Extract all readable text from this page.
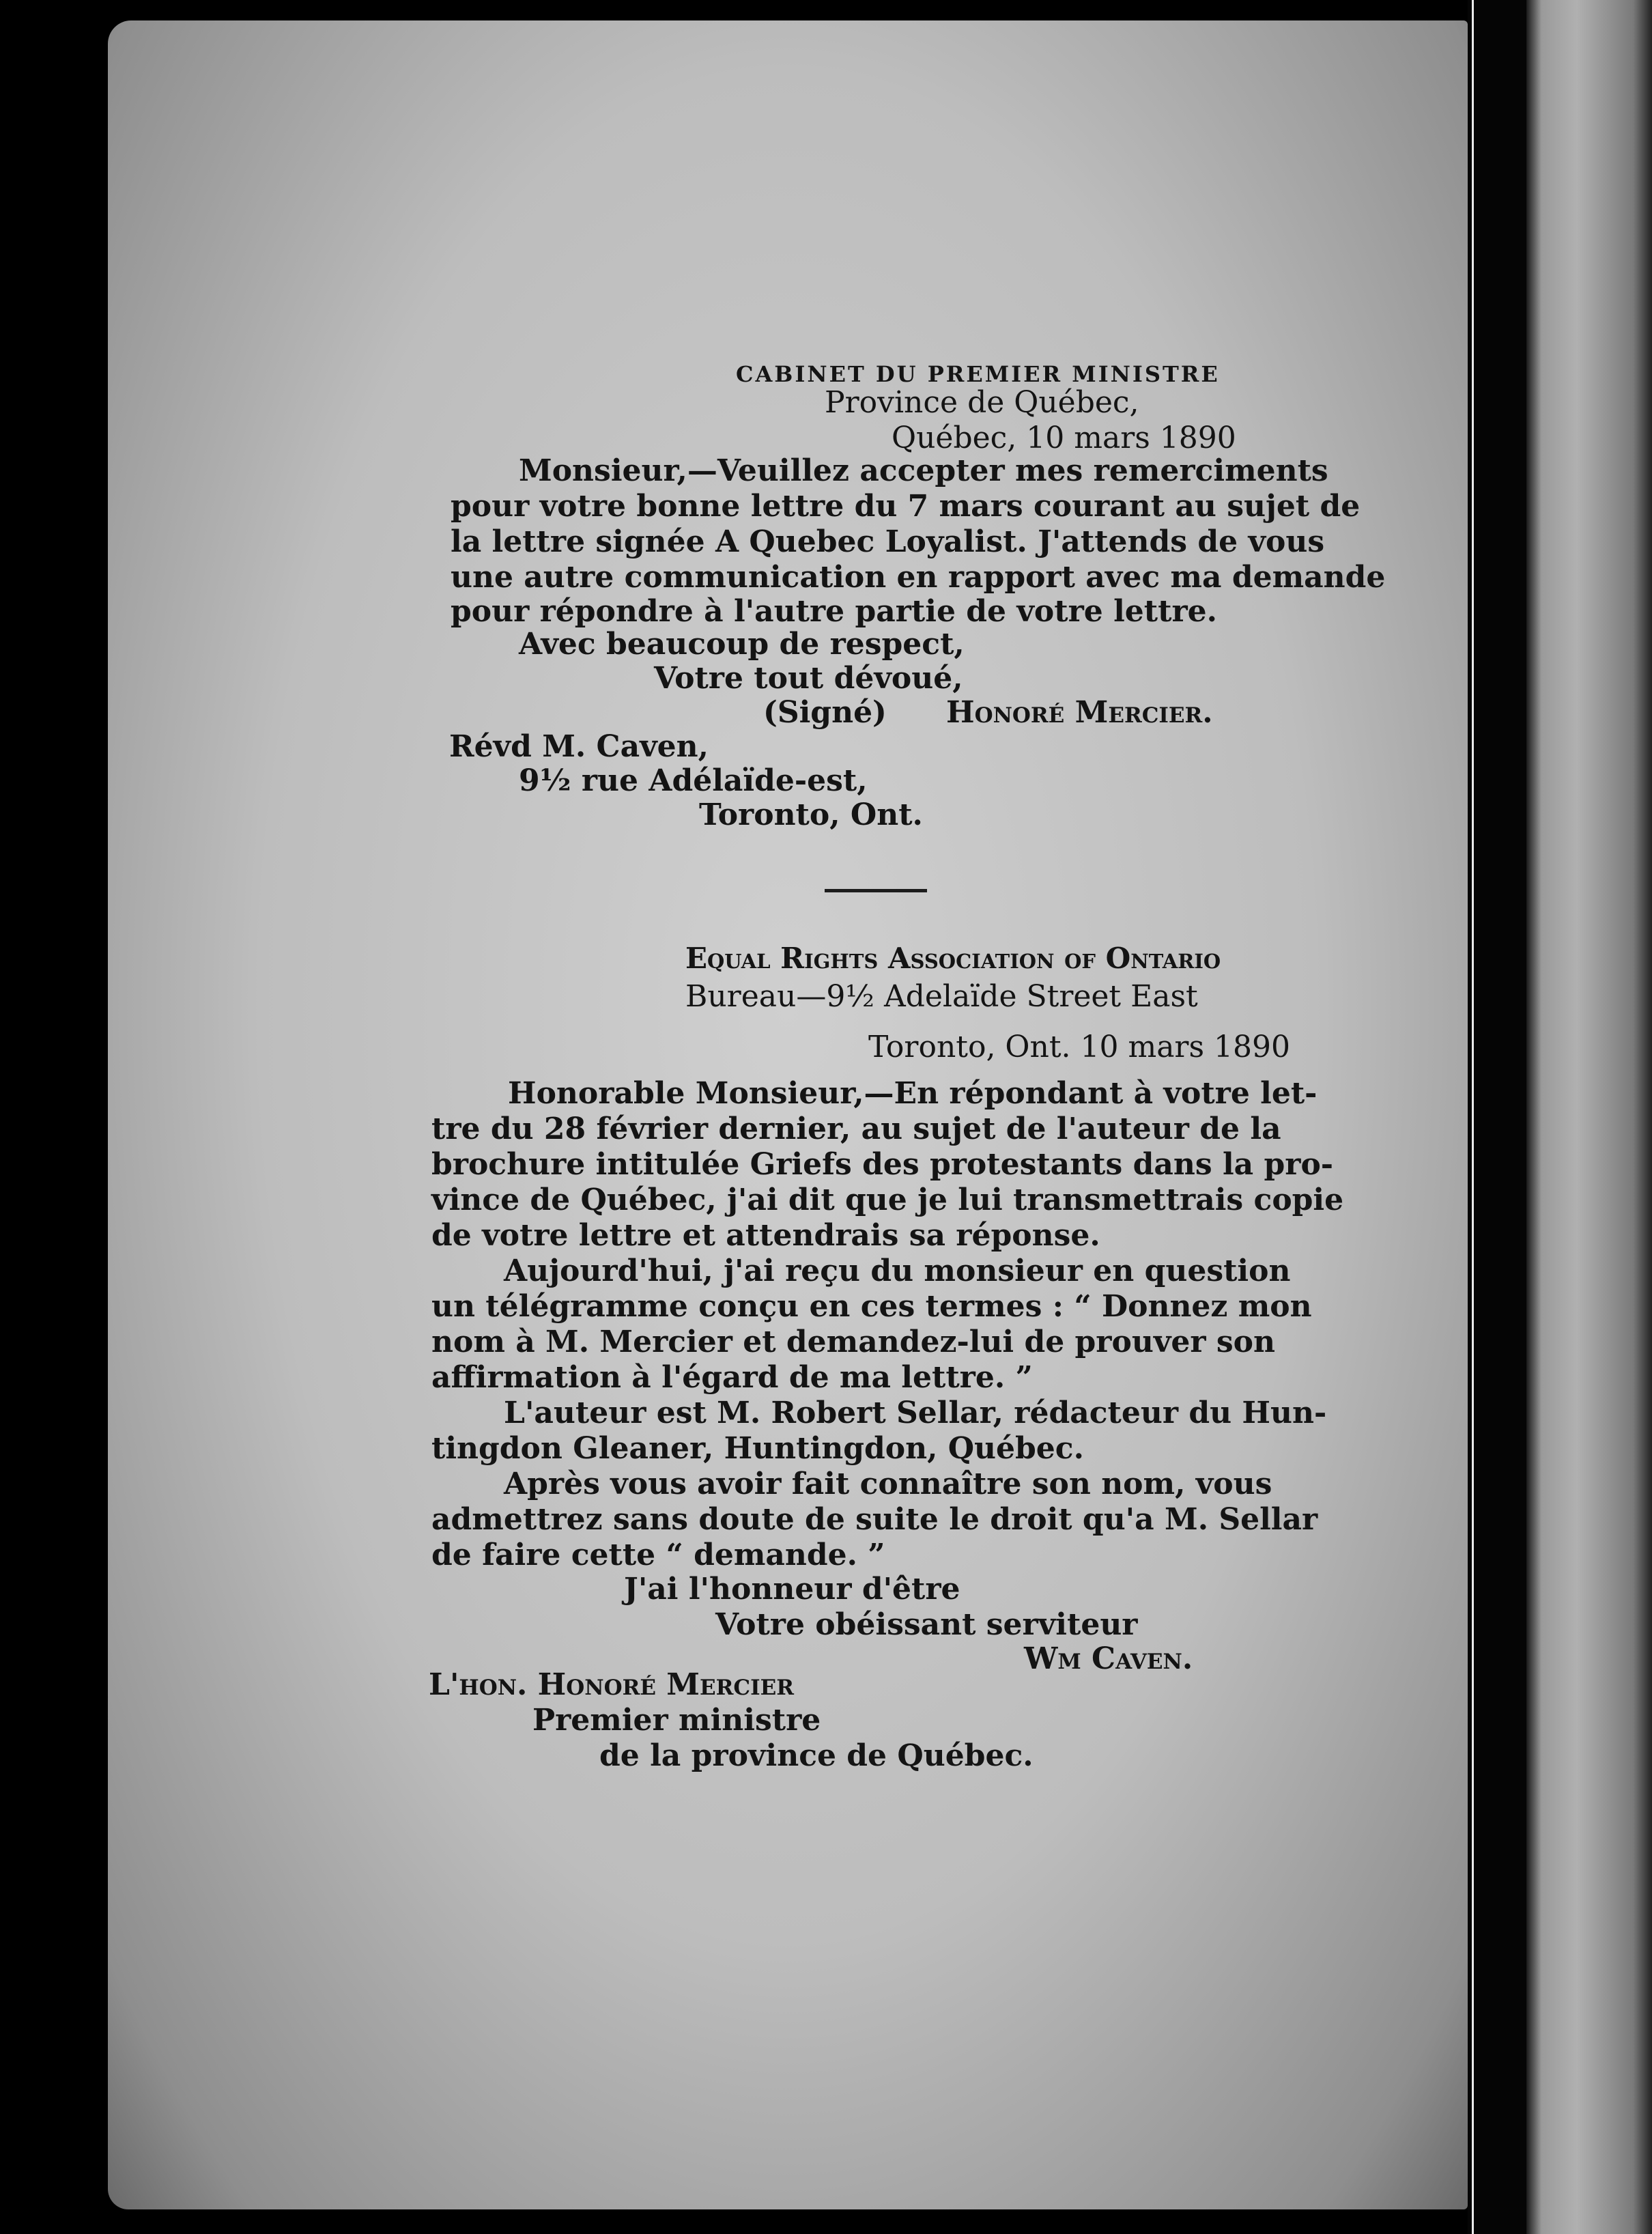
CABINET DU PREMIER MINISTRE
Province de Québec,
Québec, 10 mars 1890
Monsieur,—Veuillez accepter mes remerciments
pour votre bonne lettre du 7 mars courant au sujet de
la lettre signée A Quebec Loyalist. J'attends de vous
une autre communication en rapport avec ma demande
pour répondre à l'autre partie de votre lettre.
Avec beaucoup de respect,
Votre tout dévoué,
(Signé) Honoré Mercier.
Révd M. Caven,
9½ rue Adélaïde-est,
Toronto, Ont.
Equal Rights Association of Ontario
Bureau—9½ Adelaïde Street East
Toronto, Ont. 10 mars 1890
Honorable Monsieur,—En répondant à votre let-
tre du 28 février dernier, au sujet de l'auteur de la
brochure intitulée Griefs des protestants dans la pro-
vince de Québec, j'ai dit que je lui transmettrais copie
de votre lettre et attendrais sa réponse.
Aujourd'hui, j'ai reçu du monsieur en question
un télégramme conçu en ces termes : “ Donnez mon
nom à M. Mercier et demandez-lui de prouver son
affirmation à l'égard de ma lettre. ”
L'auteur est M. Robert Sellar, rédacteur du Hun-
tingdon Gleaner, Huntingdon, Québec.
Après vous avoir fait connaître son nom, vous
admettrez sans doute de suite le droit qu'a M. Sellar
de faire cette “ demande. ”
J'ai l'honneur d'être
Votre obéissant serviteur
Wm Caven.
L'hon. Honoré Mercier
Premier ministre
de la province de Québec.
